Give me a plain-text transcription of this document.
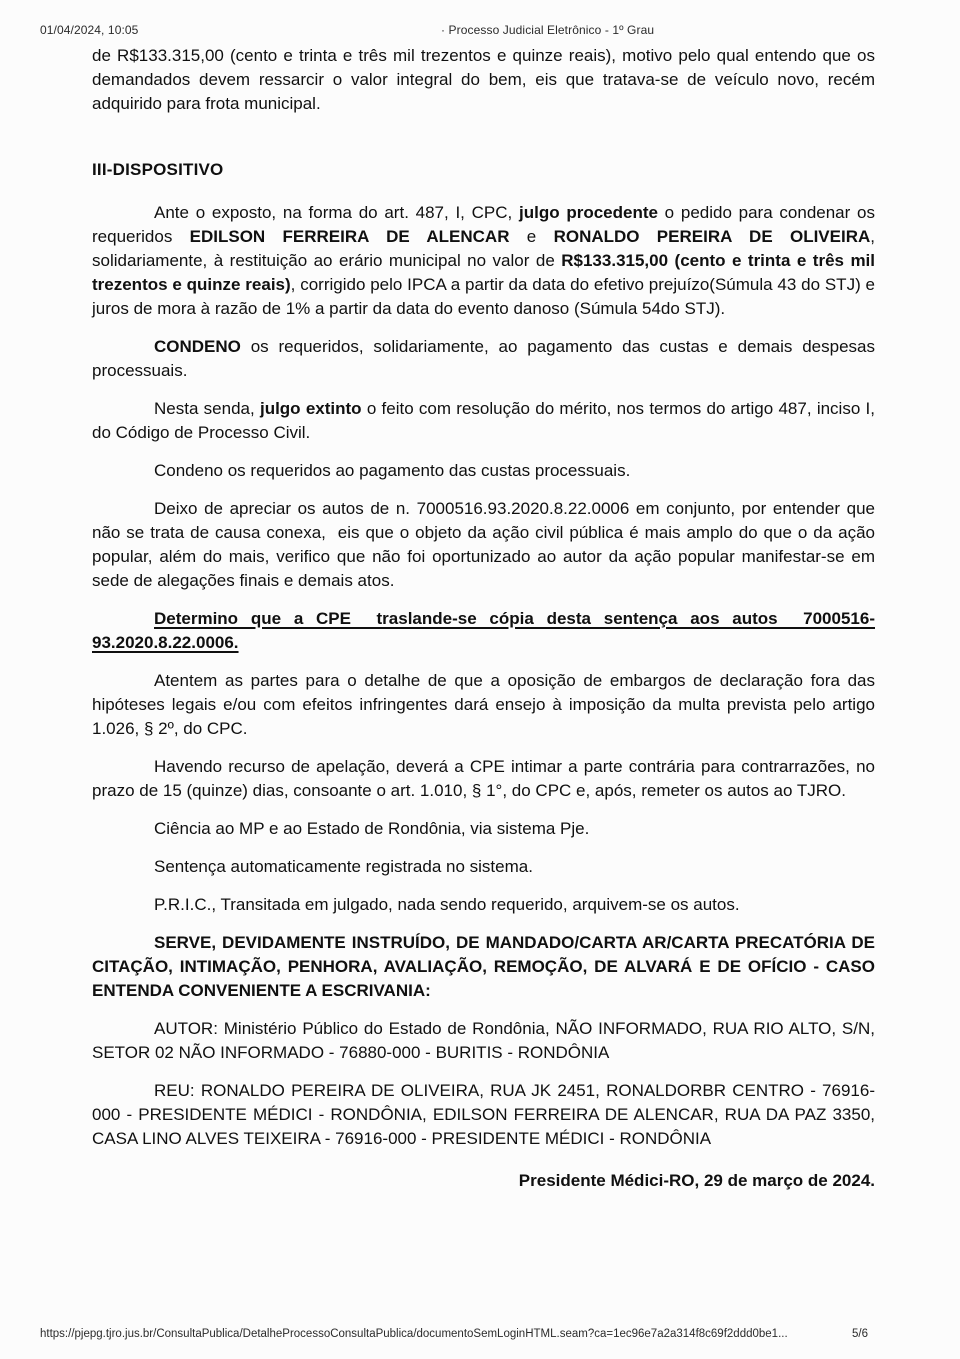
01/04/2024, 10:05	· Processo Judicial Eletrônico - 1º Grau

de R$133.315,00 (cento e trinta e três mil trezentos e quinze reais), motivo pelo qual entendo que os demandados devem ressarcir o valor integral do bem, eis que tratava-se de veículo novo, recém adquirido para frota municipal.

III-DISPOSITIVO

Ante o exposto, na forma do art. 487, I, CPC, julgo procedente o pedido para condenar os requeridos EDILSON FERREIRA DE ALENCAR e RONALDO PEREIRA DE OLIVEIRA, solidariamente, à restituição ao erário municipal no valor de R$133.315,00 (cento e trinta e três mil trezentos e quinze reais), corrigido pelo IPCA a partir da data do efetivo prejuízo(Súmula 43 do STJ) e juros de mora à razão de 1% a partir da data do evento danoso (Súmula 54do STJ).

CONDENO os requeridos, solidariamente, ao pagamento das custas e demais despesas processuais.

Nesta senda, julgo extinto o feito com resolução do mérito, nos termos do artigo 487, inciso I, do Código de Processo Civil.

Condeno os requeridos ao pagamento das custas processuais.

Deixo de apreciar os autos de n. 7000516.93.2020.8.22.0006 em conjunto, por entender que não se trata de causa conexa,  eis que o objeto da ação civil pública é mais amplo do que o da ação popular, além do mais, verifico que não foi oportunizado ao autor da ação popular manifestar-se em sede de alegações finais e demais atos.

Determino que a CPE  traslande-se cópia desta sentença aos autos  7000516-93.2020.8.22.0006.

Atentem as partes para o detalhe de que a oposição de embargos de declaração fora das hipóteses legais e/ou com efeitos infringentes dará ensejo à imposição da multa prevista pelo artigo 1.026, § 2º, do CPC.

Havendo recurso de apelação, deverá a CPE intimar a parte contrária para contrarrazões, no prazo de 15 (quinze) dias, consoante o art. 1.010, § 1°, do CPC e, após, remeter os autos ao TJRO.

Ciência ao MP e ao Estado de Rondônia, via sistema Pje.

Sentença automaticamente registrada no sistema.

P.R.I.C., Transitada em julgado, nada sendo requerido, arquivem-se os autos.

SERVE, DEVIDAMENTE INSTRUÍDO, DE MANDADO/CARTA AR/CARTA PRECATÓRIA DE CITAÇÃO, INTIMAÇÃO, PENHORA, AVALIAÇÃO, REMOÇÃO, DE ALVARÁ E DE OFÍCIO - CASO ENTENDA CONVENIENTE A ESCRIVANIA:

AUTOR: Ministério Público do Estado de Rondônia, NÃO INFORMADO, RUA RIO ALTO, S/N, SETOR 02 NÃO INFORMADO - 76880-000 - BURITIS - RONDÔNIA

REU: RONALDO PEREIRA DE OLIVEIRA, RUA JK 2451, RONALDORBR CENTRO - 76916-000 - PRESIDENTE MÉDICI - RONDÔNIA, EDILSON FERREIRA DE ALENCAR, RUA DA PAZ 3350, CASA LINO ALVES TEIXEIRA - 76916-000 - PRESIDENTE MÉDICI - RONDÔNIA

Presidente Médici-RO, 29 de março de 2024.

https://pjepg.tjro.jus.br/ConsultaPublica/DetalheProcessoConsultaPublica/documentoSemLoginHTML.seam?ca=1ec96e7a2a314f8c69f2ddd0be1...	5/6
